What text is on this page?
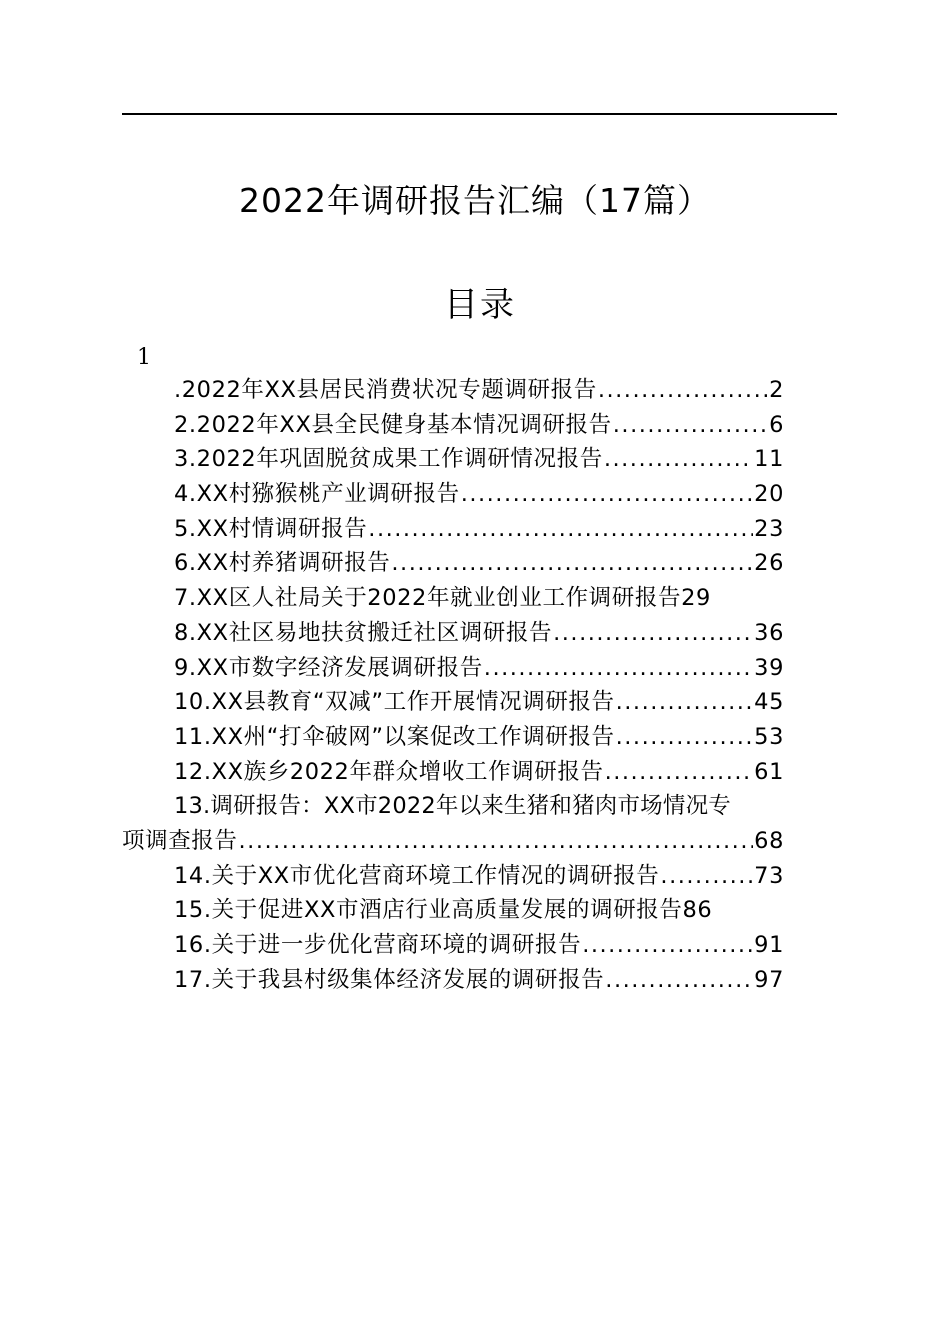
2022年调研报告汇编（17篇）
目录
1
.2022年XX县居民消费状况专题调研报告 .....	2
2.2022年XX县全民健身基本情况调研报告 .....	6
3.2022年巩固脱贫成果工作调研情况报告 .....	11
4.XX村猕猴桃产业调研报告 .....	20
5.XX村情调研报告 .....	23
6.XX村养猪调研报告 .....	26
7.XX区人社局关于2022年就业创业工作调研报告 29
8.XX社区易地扶贫搬迁社区调研报告 .....	36
9.XX市数字经济发展调研报告 .....	39
10.XX县教育“双减”工作开展情况调研报告 .....	45
11.XX州“打伞破网”以案促改工作调研报告 .....	53
12.XX族乡2022年群众增收工作调研报告 .....	61
13.调研报告：XX市2022年以来生猪和猪肉市场情况专
项调查报告 .....	68
14.关于XX市优化营商环境工作情况的调研报告 .....	73
15.关于促进XX市酒店行业高质量发展的调研报告 86
16.关于进一步优化营商环境的调研报告 .....	91
17.关于我县村级集体经济发展的调研报告 .....	97
